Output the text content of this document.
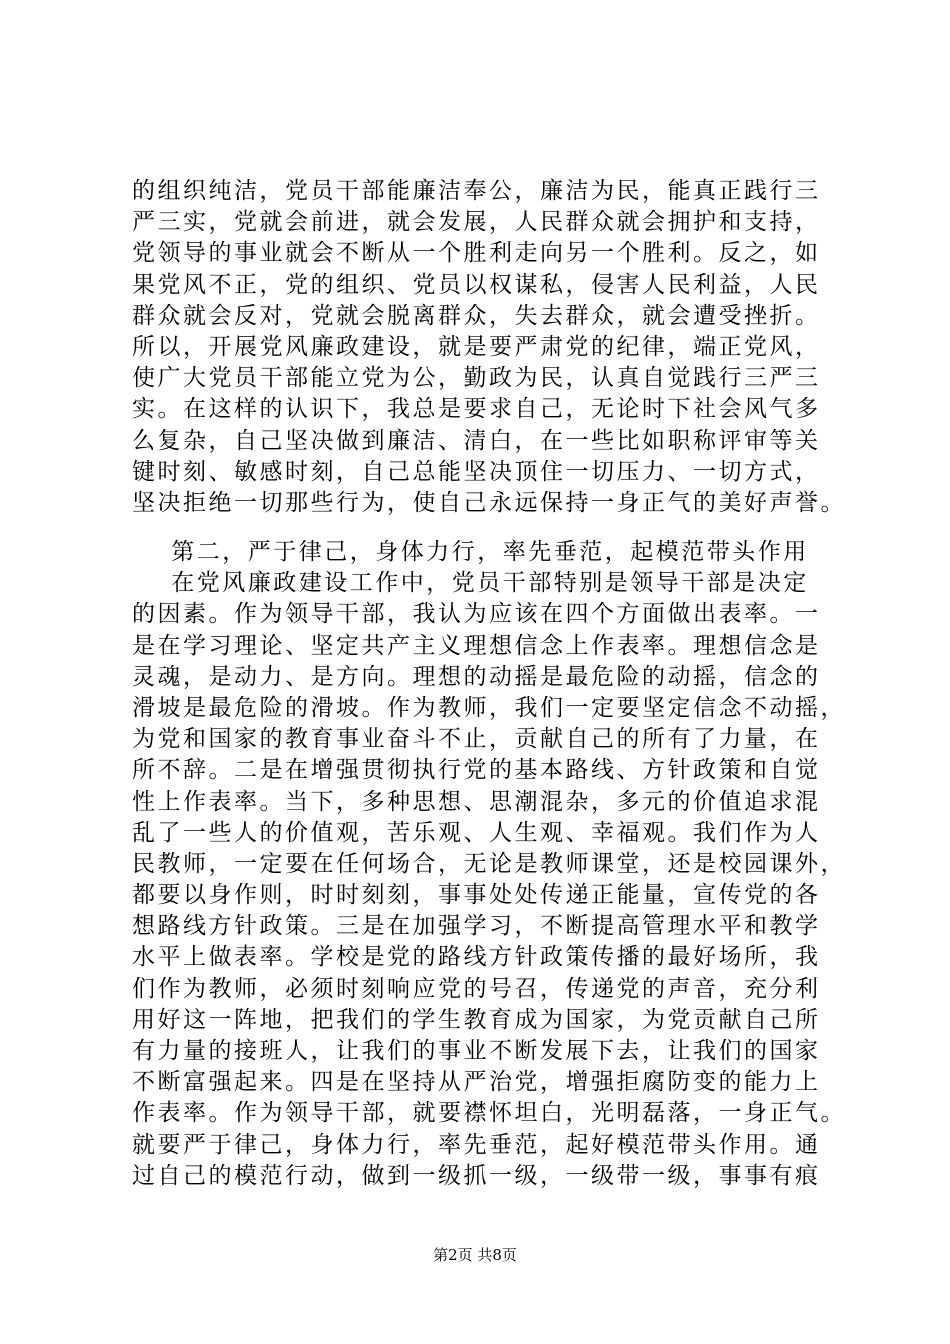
的组织纯洁，党员干部能廉洁奉公，廉洁为民，能真正践行三
严三实，党就会前进，就会发展，人民群众就会拥护和支持，
党领导的事业就会不断从一个胜利走向另一个胜利。反之，如
果党风不正，党的组织、党员以权谋私，侵害人民利益，人民
群众就会反对，党就会脱离群众，失去群众，就会遭受挫折。
所以，开展党风廉政建设，就是要严肃党的纪律，端正党风，
使广大党员干部能立党为公，勤政为民，认真自觉践行三严三
实。在这样的认识下，我总是要求自己，无论时下社会风气多
么复杂，自己坚决做到廉洁、清白，在一些比如职称评审等关
键时刻、敏感时刻，自己总能坚决顶住一切压力、一切方式，
坚决拒绝一切那些行为，使自己永远保持一身正气的美好声誉。
第二，严于律己，身体力行，率先垂范，起模范带头作用
在党风廉政建设工作中，党员干部特别是领导干部是决定
的因素。作为领导干部，我认为应该在四个方面做出表率。一
是在学习理论、坚定共产主义理想信念上作表率。理想信念是
灵魂，是动力、是方向。理想的动摇是最危险的动摇，信念的
滑坡是最危险的滑坡。作为教师，我们一定要坚定信念不动摇，
为党和国家的教育事业奋斗不止，贡献自己的所有了力量，在
所不辞。二是在增强贯彻执行党的基本路线、方针政策和自觉
性上作表率。当下，多种思想、思潮混杂，多元的价值追求混
乱了一些人的价值观，苦乐观、人生观、幸福观。我们作为人
民教师，一定要在任何场合，无论是教师课堂，还是校园课外，
都要以身作则，时时刻刻，事事处处传递正能量，宣传党的各
想路线方针政策。三是在加强学习，不断提高管理水平和教学
水平上做表率。学校是党的路线方针政策传播的最好场所，我
们作为教师，必须时刻响应党的号召，传递党的声音，充分利
用好这一阵地，把我们的学生教育成为国家，为党贡献自己所
有力量的接班人，让我们的事业不断发展下去，让我们的国家
不断富强起来。四是在坚持从严治党，增强拒腐防变的能力上
作表率。作为领导干部，就要襟怀坦白，光明磊落，一身正气。
就要严于律己，身体力行，率先垂范，起好模范带头作用。通
过自己的模范行动，做到一级抓一级，一级带一级，事事有痕
第2页 共8页
